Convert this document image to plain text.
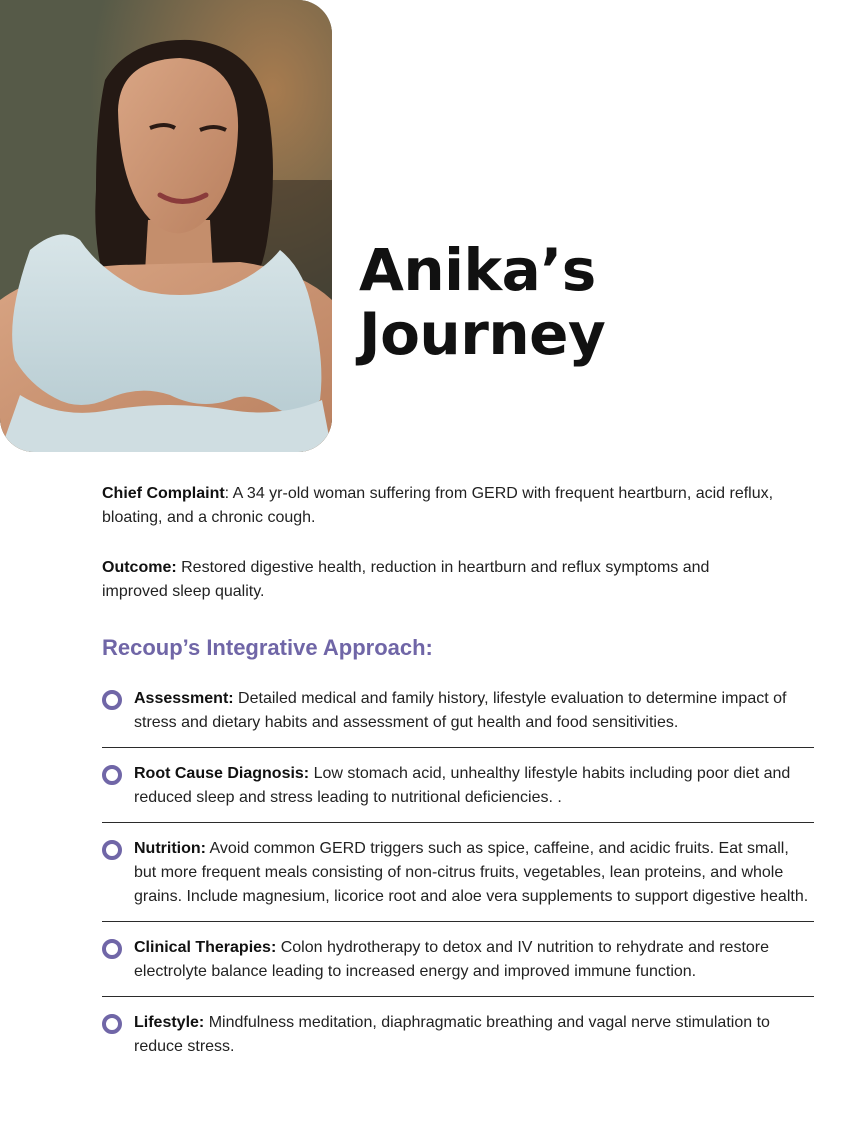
Anika’s
Journey

Chief Complaint: A 34 yr-old woman suffering from GERD with frequent heartburn, acid reflux, bloating, and a chronic cough.

Outcome: Restored digestive health, reduction in heartburn and reflux symptoms and improved sleep quality.

Recoup’s Integrative Approach:
Assessment: Detailed medical and family history, lifestyle evaluation to determine impact of stress and dietary habits and assessment of gut health and food sensitivities.
Root Cause Diagnosis: Low stomach acid, unhealthy lifestyle habits including poor diet and reduced sleep and stress leading to nutritional deficiencies. .
Nutrition: Avoid common GERD triggers such as spice, caffeine, and acidic fruits. Eat small, but more frequent meals consisting of non-citrus fruits, vegetables, lean proteins, and whole grains. Include magnesium, licorice root and aloe vera supplements to support digestive health.
Clinical Therapies: Colon hydrotherapy to detox and IV nutrition to rehydrate and restore electrolyte balance leading to increased energy and improved immune function.
Lifestyle: Mindfulness meditation, diaphragmatic breathing and vagal nerve stimulation to reduce stress.
